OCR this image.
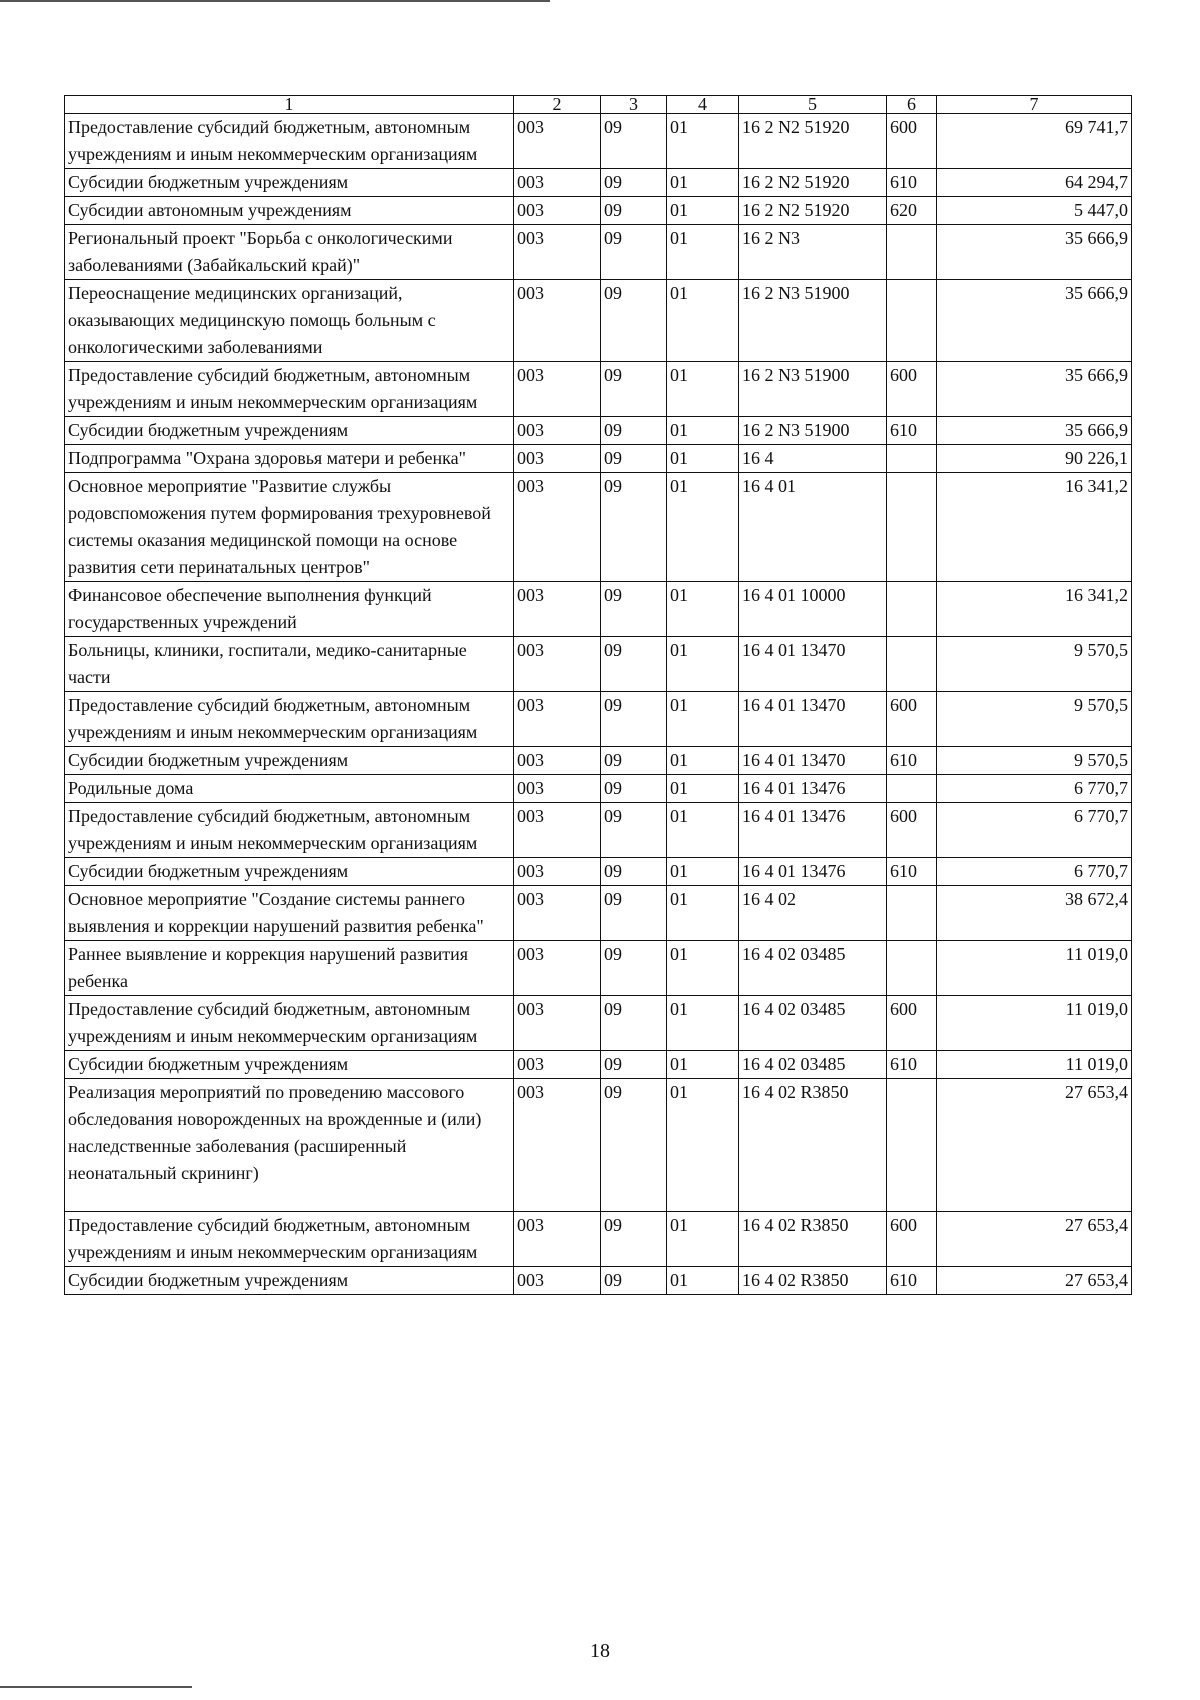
1	2	3	4	5	6	7
Предоставление субсидий бюджетным, автономным учреждениям и иным некоммерческим организациям	003	09	01	16 2 N2 51920	600	69 741,7
Субсидии бюджетным учреждениям	003	09	01	16 2 N2 51920	610	64 294,7
Субсидии автономным учреждениям	003	09	01	16 2 N2 51920	620	5 447,0
Региональный проект "Борьба с онкологическими заболеваниями (Забайкальский край)"	003	09	01	16 2 N3		35 666,9
Переоснащение медицинских организаций, оказывающих медицинскую помощь больным с онкологическими заболеваниями	003	09	01	16 2 N3 51900		35 666,9
Предоставление субсидий бюджетным, автономным учреждениям и иным некоммерческим организациям	003	09	01	16 2 N3 51900	600	35 666,9
Субсидии бюджетным учреждениям	003	09	01	16 2 N3 51900	610	35 666,9
Подпрограмма "Охрана здоровья матери и ребенка"	003	09	01	16 4		90 226,1
Основное мероприятие "Развитие службы родовспоможения путем формирования трехуровневой системы оказания медицинской помощи на основе развития сети перинатальных центров"	003	09	01	16 4 01		16 341,2
Финансовое обеспечение выполнения функций государственных учреждений	003	09	01	16 4 01 10000		16 341,2
Больницы, клиники, госпитали, медико-санитарные части	003	09	01	16 4 01 13470		9 570,5
Предоставление субсидий бюджетным, автономным учреждениям и иным некоммерческим организациям	003	09	01	16 4 01 13470	600	9 570,5
Субсидии бюджетным учреждениям	003	09	01	16 4 01 13470	610	9 570,5
Родильные дома	003	09	01	16 4 01 13476		6 770,7
Предоставление субсидий бюджетным, автономным учреждениям и иным некоммерческим организациям	003	09	01	16 4 01 13476	600	6 770,7
Субсидии бюджетным учреждениям	003	09	01	16 4 01 13476	610	6 770,7
Основное мероприятие "Создание системы раннего выявления и коррекции нарушений развития ребенка"	003	09	01	16 4 02		38 672,4
Раннее выявление и коррекция нарушений развития ребенка	003	09	01	16 4 02 03485		11 019,0
Предоставление субсидий бюджетным, автономным учреждениям и иным некоммерческим организациям	003	09	01	16 4 02 03485	600	11 019,0
Субсидии бюджетным учреждениям	003	09	01	16 4 02 03485	610	11 019,0
Реализация мероприятий по проведению массового обследования новорожденных на врожденные и (или) наследственные заболевания (расширенный неонатальный скрининг)	003	09	01	16 4 02 R3850		27 653,4
Предоставление субсидий бюджетным, автономным учреждениям и иным некоммерческим организациям	003	09	01	16 4 02 R3850	600	27 653,4
Субсидии бюджетным учреждениям	003	09	01	16 4 02 R3850	610	27 653,4
18
